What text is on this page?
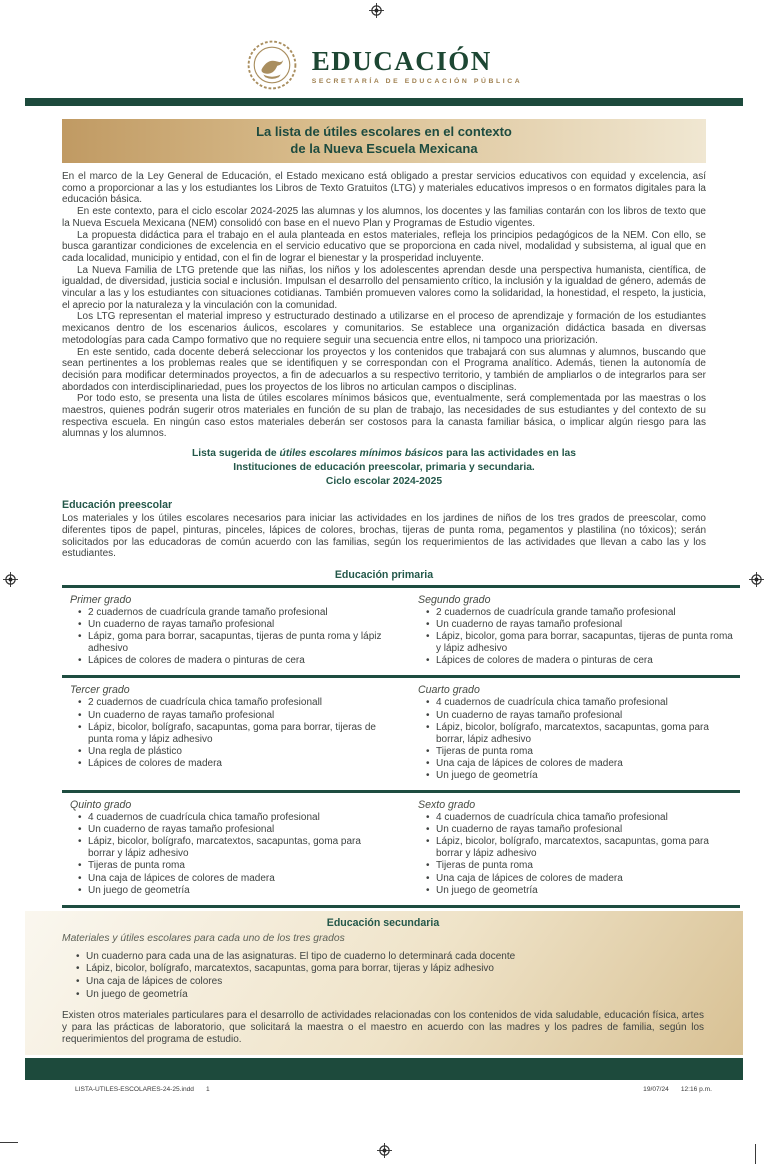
EDUCACIÓN
SECRETARÍA DE EDUCACIÓN PÚBLICA
La lista de útiles escolares en el contexto
de la Nueva Escuela Mexicana

En el marco de la Ley General de Educación, el Estado mexicano está obligado a prestar servicios educativos con equidad y excelencia, así como a proporcionar a las y los estudiantes los Libros de Texto Gratuitos (LTG) y materiales educativos impresos o en formatos digitales para la educación básica.

En este contexto, para el ciclo escolar 2024-2025 las alumnas y los alumnos, los docentes y las familias contarán con los libros de texto que la Nueva Escuela Mexicana (NEM) consolidó con base en el nuevo Plan y Programas de Estudio vigentes.

La propuesta didáctica para el trabajo en el aula planteada en estos materiales, refleja los principios pedagógicos de la NEM. Con ello, se busca garantizar condiciones de excelencia en el servicio educativo que se proporciona en cada nivel, modalidad y subsistema, al igual que en cada localidad, municipio y entidad, con el fin de lograr el bienestar y la prosperidad incluyente.

La Nueva Familia de LTG pretende que las niñas, los niños y los adolescentes aprendan desde una perspectiva humanista, científica, de igualdad, de diversidad, justicia social e inclusión. Impulsan el desarrollo del pensamiento crítico, la inclusión y la igualdad de género, además de vincular a las y los estudiantes con situaciones cotidianas. También promueven valores como la solidaridad, la honestidad, el respeto, la justicia, el aprecio por la naturaleza y la vinculación con la comunidad.

Los LTG representan el material impreso y estructurado destinado a utilizarse en el proceso de aprendizaje y formación de los estudiantes mexicanos dentro de los escenarios áulicos, escolares y comunitarios. Se establece una organización didáctica basada en diversas metodologías para cada Campo formativo que no requiere seguir una secuencia entre ellos, ni tampoco una priorización.

En este sentido, cada docente deberá seleccionar los proyectos y los contenidos que trabajará con sus alumnas y alumnos, buscando que sean pertinentes a los problemas reales que se identifiquen y se correspondan con el Programa analítico. Además, tienen la autonomía de decisión para modificar determinados proyectos, a fin de adecuarlos a su respectivo territorio, y también de ampliarlos o de integrarlos para ser abordados con interdisciplinariedad, pues los proyectos de los libros no articulan campos o disciplinas.

Por todo esto, se presenta una lista de útiles escolares mínimos básicos que, eventualmente, será complementada por las maestras o los maestros, quienes podrán sugerir otros materiales en función de su plan de trabajo, las necesidades de sus estudiantes y del contexto de su respectiva escuela. En ningún caso estos materiales deberán ser costosos para la canasta familiar básica, o implicar algún riesgo para las alumnas y los alumnos.

Lista sugerida de útiles escolares mínimos básicos para las actividades en las
Instituciones de educación preescolar, primaria y secundaria.
Ciclo escolar 2024-2025
Educación preescolar
Los materiales y los útiles escolares necesarios para iniciar las actividades en los jardines de niños de los tres grados de preescolar, como diferentes tipos de papel, pinturas, pinceles, lápices de colores, brochas, tijeras de punta roma, pegamentos y plastilina (no tóxicos); serán solicitados por las educadoras de común acuerdo con las familias, según los requerimientos de las actividades que llevan a cabo las y los estudiantes.
Educación primaria
Primer grado
• 2 cuadernos de cuadrícula grande tamaño profesional
• Un cuaderno de rayas tamaño profesional
• Lápiz, goma para borrar, sacapuntas, tijeras de punta roma y lápiz adhesivo
• Lápices de colores de madera o pinturas de cera
Segundo grado
• 2 cuadernos de cuadrícula grande tamaño profesional
• Un cuaderno de rayas tamaño profesional
• Lápiz, bicolor, goma para borrar, sacapuntas, tijeras de punta roma y lápiz adhesivo
• Lápices de colores de madera o pinturas de cera
Tercer grado
• 2 cuadernos de cuadrícula chica tamaño profesionall
• Un cuaderno de rayas tamaño profesional
• Lápiz, bicolor, bolígrafo, sacapuntas, goma para borrar, tijeras de punta roma y lápiz adhesivo
• Una regla de plástico
• Lápices de colores de madera
Cuarto grado
• 4 cuadernos de cuadrícula chica tamaño profesional
• Un cuaderno de rayas tamaño profesional
• Lápiz, bicolor, bolígrafo, marcatextos, sacapuntas, goma para borrar, lápiz adhesivo
• Tijeras de punta roma
• Una caja de lápices de colores de madera
• Un juego de geometría
Quinto grado
• 4 cuadernos de cuadrícula chica tamaño profesional
• Un cuaderno de rayas tamaño profesional
• Lápiz, bicolor, bolígrafo, marcatextos, sacapuntas, goma para borrar y lápiz adhesivo
• Tijeras de punta roma
• Una caja de lápices de colores de madera
• Un juego de geometría
Sexto grado
• 4 cuadernos de cuadrícula chica tamaño profesional
• Un cuaderno de rayas tamaño profesional
• Lápiz, bicolor, bolígrafo, marcatextos, sacapuntas, goma para borrar y lápiz adhesivo
• Tijeras de punta roma
• Una caja de lápices de colores de madera
• Un juego de geometría
Educación secundaria
Materiales y útiles escolares para cada uno de los tres grados
• Un cuaderno para cada una de las asignaturas. El tipo de cuaderno lo determinará cada docente
• Lápiz, bicolor, bolígrafo, marcatextos, sacapuntas, goma para borrar, tijeras y lápiz adhesivo
• Una caja de lápices de colores
• Un juego de geometría
Existen otros materiales particulares para el desarrollo de actividades relacionadas con los contenidos de vida saludable, educación física, artes y para las prácticas de laboratorio, que solicitará la maestra o el maestro en acuerdo con las madres y los padres de familia, según los requerimientos del programa de estudio.
LISTA-UTILES-ESCOLARES-24-25.indd 1	19/07/24 12:16 p.m.
